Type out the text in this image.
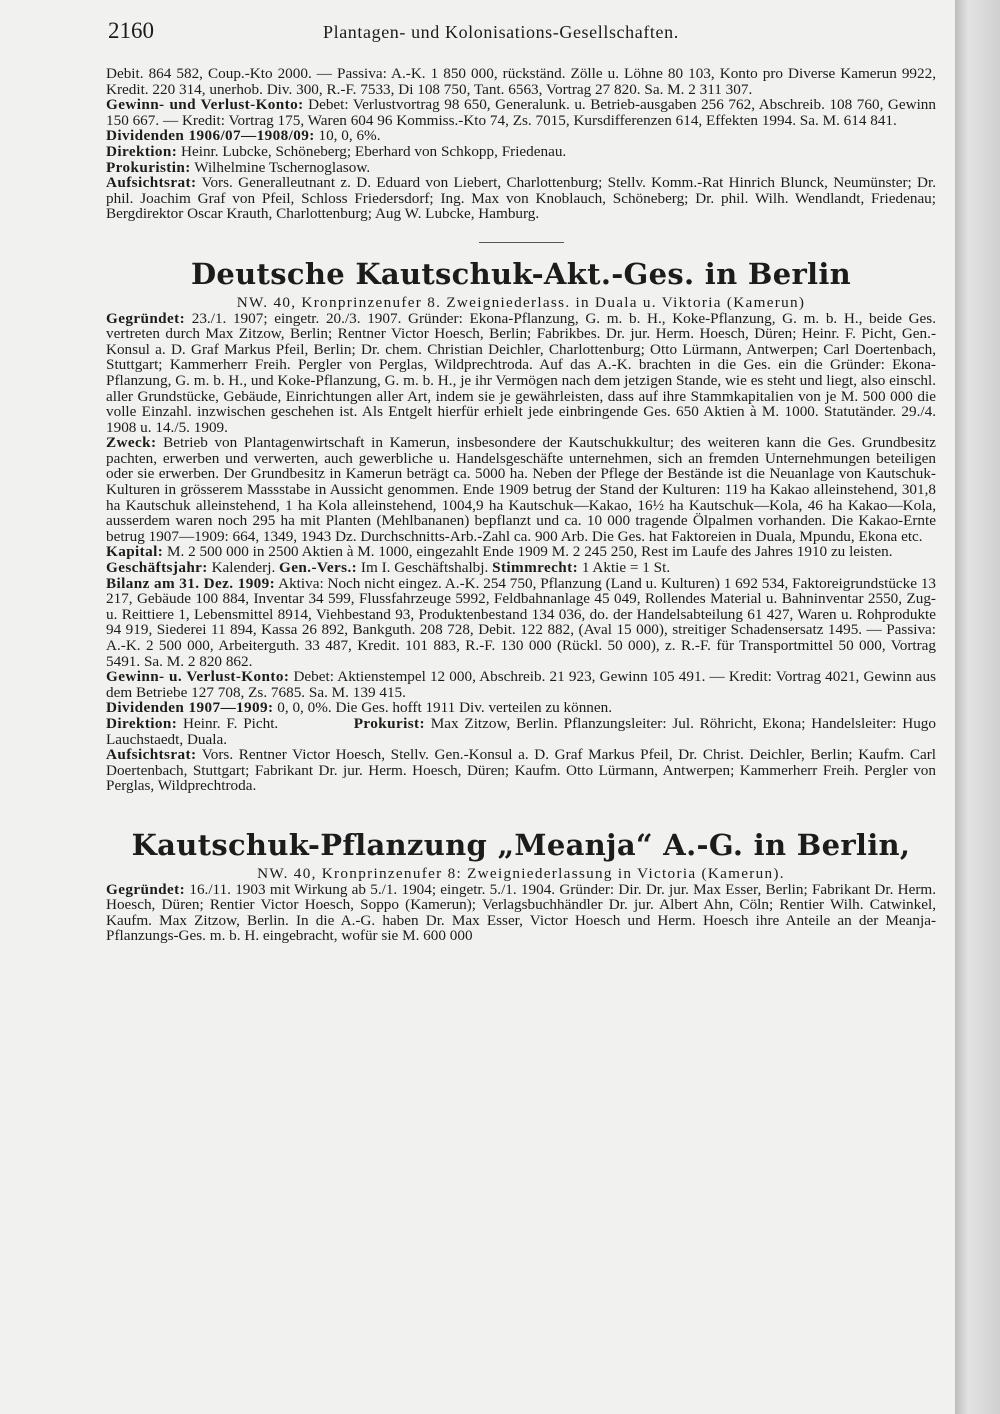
2160	Plantagen- und Kolonisations-Gesellschaften.

Debit. 864 582, Coup.-Kto 2000. — Passiva: A.-K. 1 850 000, rückständ. Zölle u. Löhne 80 103, Konto pro Diverse Kamerun 9922, Kredit. 220 314, unerhob. Div. 300, R.-F. 7533, Di 108 750, Tant. 6563, Vortrag 27 820. Sa. M. 2 311 307.

Gewinn- und Verlust-Konto: Debet: Verlustvortrag 98 650, Generalunk. u. Betrieb-ausgaben 256 762, Abschreib. 108 760, Gewinn 150 667. — Kredit: Vortrag 175, Waren 604 96 Kommiss.-Kto 74, Zs. 7015, Kursdifferenzen 614, Effekten 1994. Sa. M. 614 841.

Dividenden 1906/07—1908/09: 10, 0, 6%.

Direktion: Heinr. Lubcke, Schöneberg; Eberhard von Schkopp, Friedenau.

Prokuristin: Wilhelmine Tschernoglasow.

Aufsichtsrat: Vors. Generalleutnant z. D. Eduard von Liebert, Charlottenburg; Stellv. Komm.-Rat Hinrich Blunck, Neumünster; Dr. phil. Joachim Graf von Pfeil, Schloss Friedersdorf; Ing. Max von Knoblauch, Schöneberg; Dr. phil. Wilh. Wendlandt, Friedenau; Bergdirektor Oscar Krauth, Charlottenburg; Aug W. Lubcke, Hamburg.

Deutsche Kautschuk-Akt.-Ges. in Berlin
NW. 40, Kronprinzenufer 8. Zweigniederlass. in Duala u. Viktoria (Kamerun)

Gegründet: 23./1. 1907; eingetr. 20./3. 1907. Gründer: Ekona-Pflanzung, G. m. b. H., Koke-Pflanzung, G. m. b. H., beide Ges. vertreten durch Max Zitzow, Berlin; Rentner Victor Hoesch, Berlin; Fabrikbes. Dr. jur. Herm. Hoesch, Düren; Heinr. F. Picht, Gen.-Konsul a. D. Graf Markus Pfeil, Berlin; Dr. chem. Christian Deichler, Charlottenburg; Otto Lürmann, Antwerpen; Carl Doertenbach, Stuttgart; Kammerherr Freih. Pergler von Perglas, Wildprechtroda. Auf das A.-K. brachten in die Ges. ein die Gründer: Ekona-Pflanzung, G. m. b. H., und Koke-Pflanzung, G. m. b. H., je ihr Vermögen nach dem jetzigen Stande, wie es steht und liegt, also einschl. aller Grundstücke, Gebäude, Einrichtungen aller Art, indem sie je gewährleisten, dass auf ihre Stammkapitalien von je M. 500 000 die volle Einzahl. inzwischen geschehen ist. Als Entgelt hierfür erhielt jede einbringende Ges. 650 Aktien à M. 1000. Statutänder. 29./4. 1908 u. 14./5. 1909.

Zweck: Betrieb von Plantagenwirtschaft in Kamerun, insbesondere der Kautschukkultur; des weiteren kann die Ges. Grundbesitz pachten, erwerben und verwerten, auch gewerbliche u. Handelsgeschäfte unternehmen, sich an fremden Unternehmungen beteiligen oder sie erwerben. Der Grundbesitz in Kamerun beträgt ca. 5000 ha. Neben der Pflege der Bestände ist die Neuanlage von Kautschuk-Kulturen in grösserem Massstabe in Aussicht genommen. Ende 1909 betrug der Stand der Kulturen: 119 ha Kakao alleinstehend, 301,8 ha Kautschuk alleinstehend, 1 ha Kola alleinstehend, 1004,9 ha Kautschuk—Kakao, 16½ ha Kautschuk—Kola, 46 ha Kakao—Kola, ausserdem waren noch 295 ha mit Planten (Mehlbananen) bepflanzt und ca. 10 000 tragende Ölpalmen vorhanden. Die Kakao-Ernte betrug 1907—1909: 664, 1349, 1943 Dz. Durchschnitts-Arb.-Zahl ca. 900 Arb. Die Ges. hat Faktoreien in Duala, Mpundu, Ekona etc.

Kapital: M. 2 500 000 in 2500 Aktien à M. 1000, eingezahlt Ende 1909 M. 2 245 250, Rest im Laufe des Jahres 1910 zu leisten.

Geschäftsjahr: Kalenderj. Gen.-Vers.: Im I. Geschäftshalbj. Stimmrecht: 1 Aktie = 1 St.

Bilanz am 31. Dez. 1909: Aktiva: Noch nicht eingez. A.-K. 254 750, Pflanzung (Land u. Kulturen) 1 692 534, Faktoreigrundstücke 13 217, Gebäude 100 884, Inventar 34 599, Flussfahrzeuge 5992, Feldbahnanlage 45 049, Rollendes Material u. Bahninventar 2550, Zug- u. Reittiere 1, Lebensmittel 8914, Viehbestand 93, Produktenbestand 134 036, do. der Handelsabteilung 61 427, Waren u. Rohprodukte 94 919, Siederei 11 894, Kassa 26 892, Bankguth. 208 728, Debit. 122 882, (Aval 15 000), streitiger Schadensersatz 1495. — Passiva: A.-K. 2 500 000, Arbeiterguth. 33 487, Kredit. 101 883, R.-F. 130 000 (Rückl. 50 000), z. R.-F. für Transportmittel 50 000, Vortrag 5491. Sa. M. 2 820 862.

Gewinn- u. Verlust-Konto: Debet: Aktienstempel 12 000, Abschreib. 21 923, Gewinn 105 491. — Kredit: Vortrag 4021, Gewinn aus dem Betriebe 127 708, Zs. 7685. Sa. M. 139 415.

Dividenden 1907—1909: 0, 0, 0%. Die Ges. hofft 1911 Div. verteilen zu können.

Direktion: Heinr. F. Picht.	Prokurist: Max Zitzow, Berlin. Pflanzungsleiter: Jul. Röhricht, Ekona; Handelsleiter: Hugo Lauchstaedt, Duala.

Aufsichtsrat: Vors. Rentner Victor Hoesch, Stellv. Gen.-Konsul a. D. Graf Markus Pfeil, Dr. Christ. Deichler, Berlin; Kaufm. Carl Doertenbach, Stuttgart; Fabrikant Dr. jur. Herm. Hoesch, Düren; Kaufm. Otto Lürmann, Antwerpen; Kammerherr Freih. Pergler von Perglas, Wildprechtroda.

Kautschuk-Pflanzung „Meanja“ A.-G. in Berlin,
NW. 40, Kronprinzenufer 8: Zweigniederlassung in Victoria (Kamerun).

Gegründet: 16./11. 1903 mit Wirkung ab 5./1. 1904; eingetr. 5./1. 1904. Gründer: Dir. Dr. jur. Max Esser, Berlin; Fabrikant Dr. Herm. Hoesch, Düren; Rentier Victor Hoesch, Soppo (Kamerun); Verlagsbuchhändler Dr. jur. Albert Ahn, Cöln; Rentier Wilh. Catwinkel, Kaufm. Max Zitzow, Berlin. In die A.-G. haben Dr. Max Esser, Victor Hoesch und Herm. Hoesch ihre Anteile an der Meanja-Pflanzungs-Ges. m. b. H. eingebracht, wofür sie M. 600 000
